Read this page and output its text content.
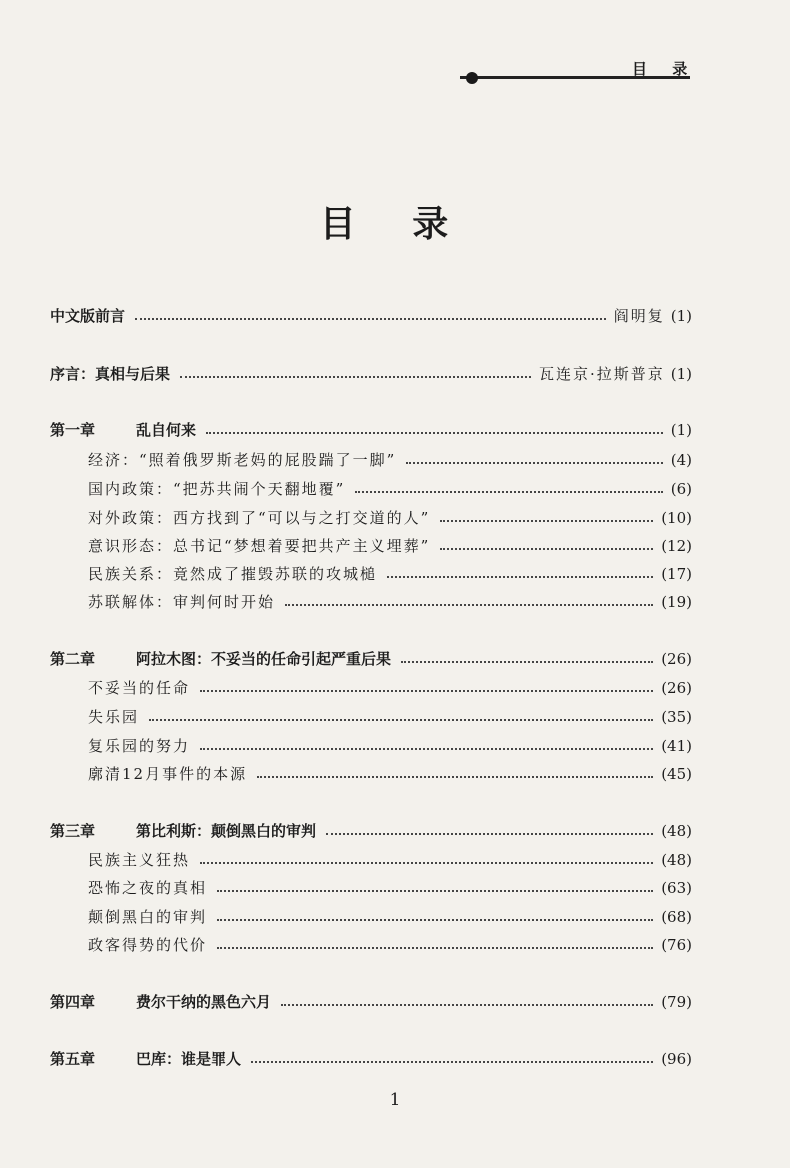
目 录
目 录
中文版前言	阎明复 (1)
序言：真相与后果	瓦连京·拉斯普京 (1)
第一章	乱自何来	(1)
经济：“照着俄罗斯老妈的屁股踹了一脚”	(4)
国内政策：“把苏共闹个天翻地覆”	(6)
对外政策：西方找到了“可以与之打交道的人”	(10)
意识形态：总书记“梦想着要把共产主义埋葬”	(12)
民族关系：竟然成了摧毁苏联的攻城槌	(17)
苏联解体：审判何时开始	(19)
第二章	阿拉木图：不妥当的任命引起严重后果	(26)
不妥当的任命	(26)
失乐园	(35)
复乐园的努力	(41)
廓清12月事件的本源	(45)
第三章	第比利斯：颠倒黑白的审判	(48)
民族主义狂热	(48)
恐怖之夜的真相	(63)
颠倒黑白的审判	(68)
政客得势的代价	(76)
第四章	费尔干纳的黑色六月	(79)
第五章	巴库：谁是罪人	(96)
1
